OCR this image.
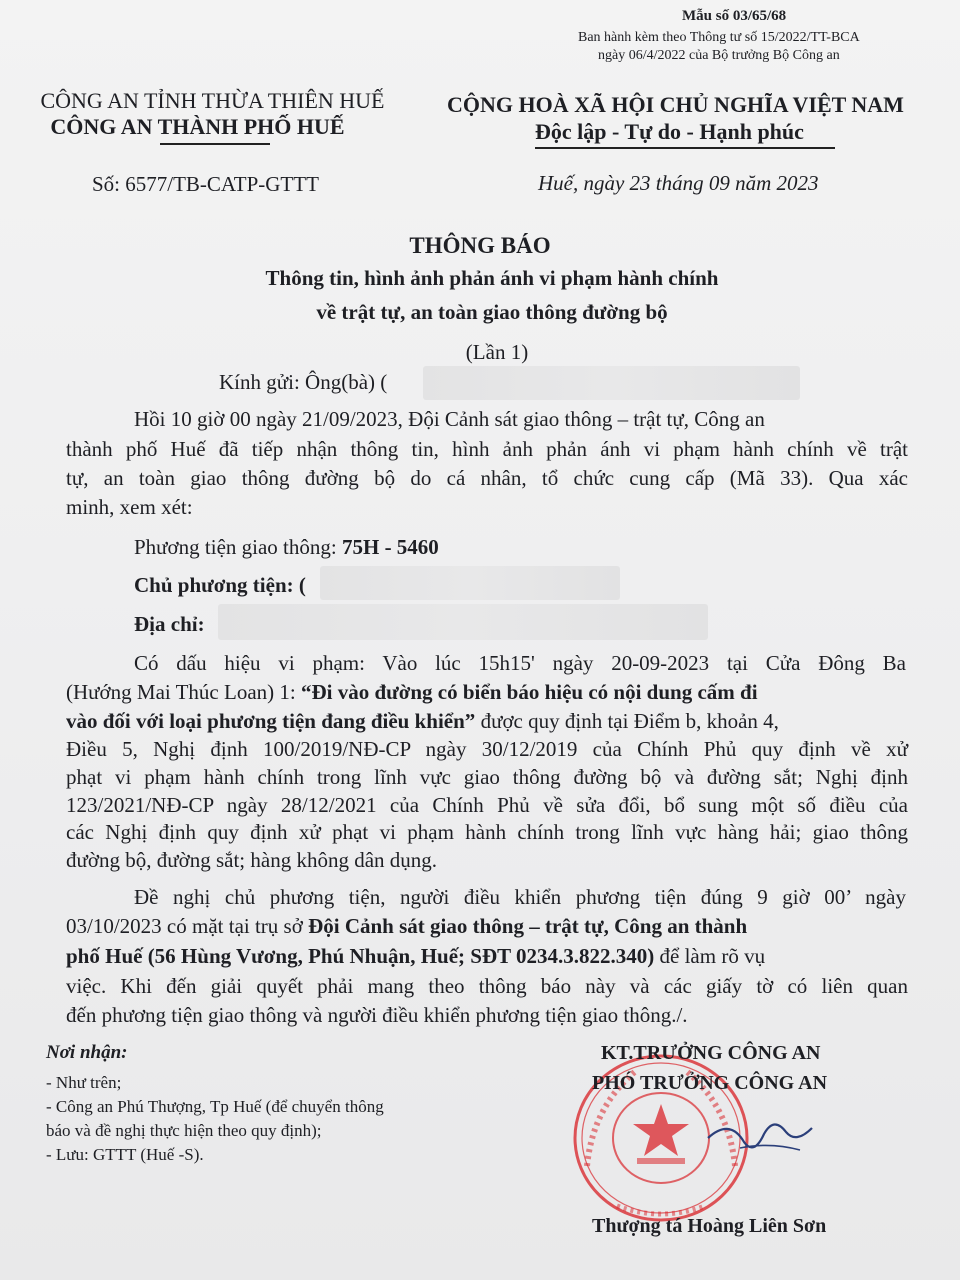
Mẫu số 03/65/68
Ban hành kèm theo Thông tư số 15/2022/TT-BCA
ngày 06/4/2022 của Bộ trưởng Bộ Công an
CÔNG AN TỈNH THỪA THIÊN HUẾ
CÔNG AN THÀNH PHỐ HUẾ
Số: 6577/TB-CATP-GTTT
CỘNG HOÀ XÃ HỘI CHỦ NGHĨA VIỆT NAM
Độc lập - Tự do - Hạnh phúc
Huế, ngày 23 tháng 09 năm 2023
THÔNG BÁO
Thông tin, hình ảnh phản ánh vi phạm hành chính
về trật tự, an toàn giao thông đường bộ
(Lần 1)
Kính gửi: Ông(bà) (
Hồi 10 giờ 00 ngày 21/09/2023, Đội Cảnh sát giao thông – trật tự, Công an
thành phố Huế đã tiếp nhận thông tin, hình ảnh phản ánh vi phạm hành chính về trật
tự, an toàn giao thông đường bộ do cá nhân, tổ chức cung cấp (Mã 33). Qua xác
minh, xem xét:
Phương tiện giao thông: 75H - 5460
Chủ phương tiện: (
Địa chỉ:
Có dấu hiệu vi phạm: Vào lúc 15h15' ngày 20-09-2023 tại Cửa Đông Ba
(Hướng Mai Thúc Loan) 1: “Đi vào đường có biển báo hiệu có nội dung cấm đi
vào đối với loại phương tiện đang điều khiển” được quy định tại Điểm b, khoản 4,
Điều 5, Nghị định 100/2019/NĐ-CP ngày 30/12/2019 của Chính Phủ quy định về xử
phạt vi phạm hành chính trong lĩnh vực giao thông đường bộ và đường sắt; Nghị định
123/2021/NĐ-CP ngày 28/12/2021 của Chính Phủ về sửa đổi, bổ sung một số điều của
các Nghị định quy định xử phạt vi phạm hành chính trong lĩnh vực hàng hải; giao thông
đường bộ, đường sắt; hàng không dân dụng.
Đề nghị chủ phương tiện, người điều khiển phương tiện đúng 9 giờ 00’ ngày
03/10/2023 có mặt tại trụ sở Đội Cảnh sát giao thông – trật tự, Công an thành
phố Huế (56 Hùng Vương, Phú Nhuận, Huế; SĐT 0234.3.822.340) để làm rõ vụ
việc. Khi đến giải quyết phải mang theo thông báo này và các giấy tờ có liên quan
đến phương tiện giao thông và người điều khiển phương tiện giao thông./.
Nơi nhận:
- Như trên;
- Công an Phú Thượng, Tp Huế (để chuyển thông
báo và đề nghị thực hiện theo quy định);
- Lưu: GTTT (Huế -S).
KT.TRƯỞNG CÔNG AN
PHÓ TRƯỞNG CÔNG AN
Thượng tá Hoàng Liên Sơn
